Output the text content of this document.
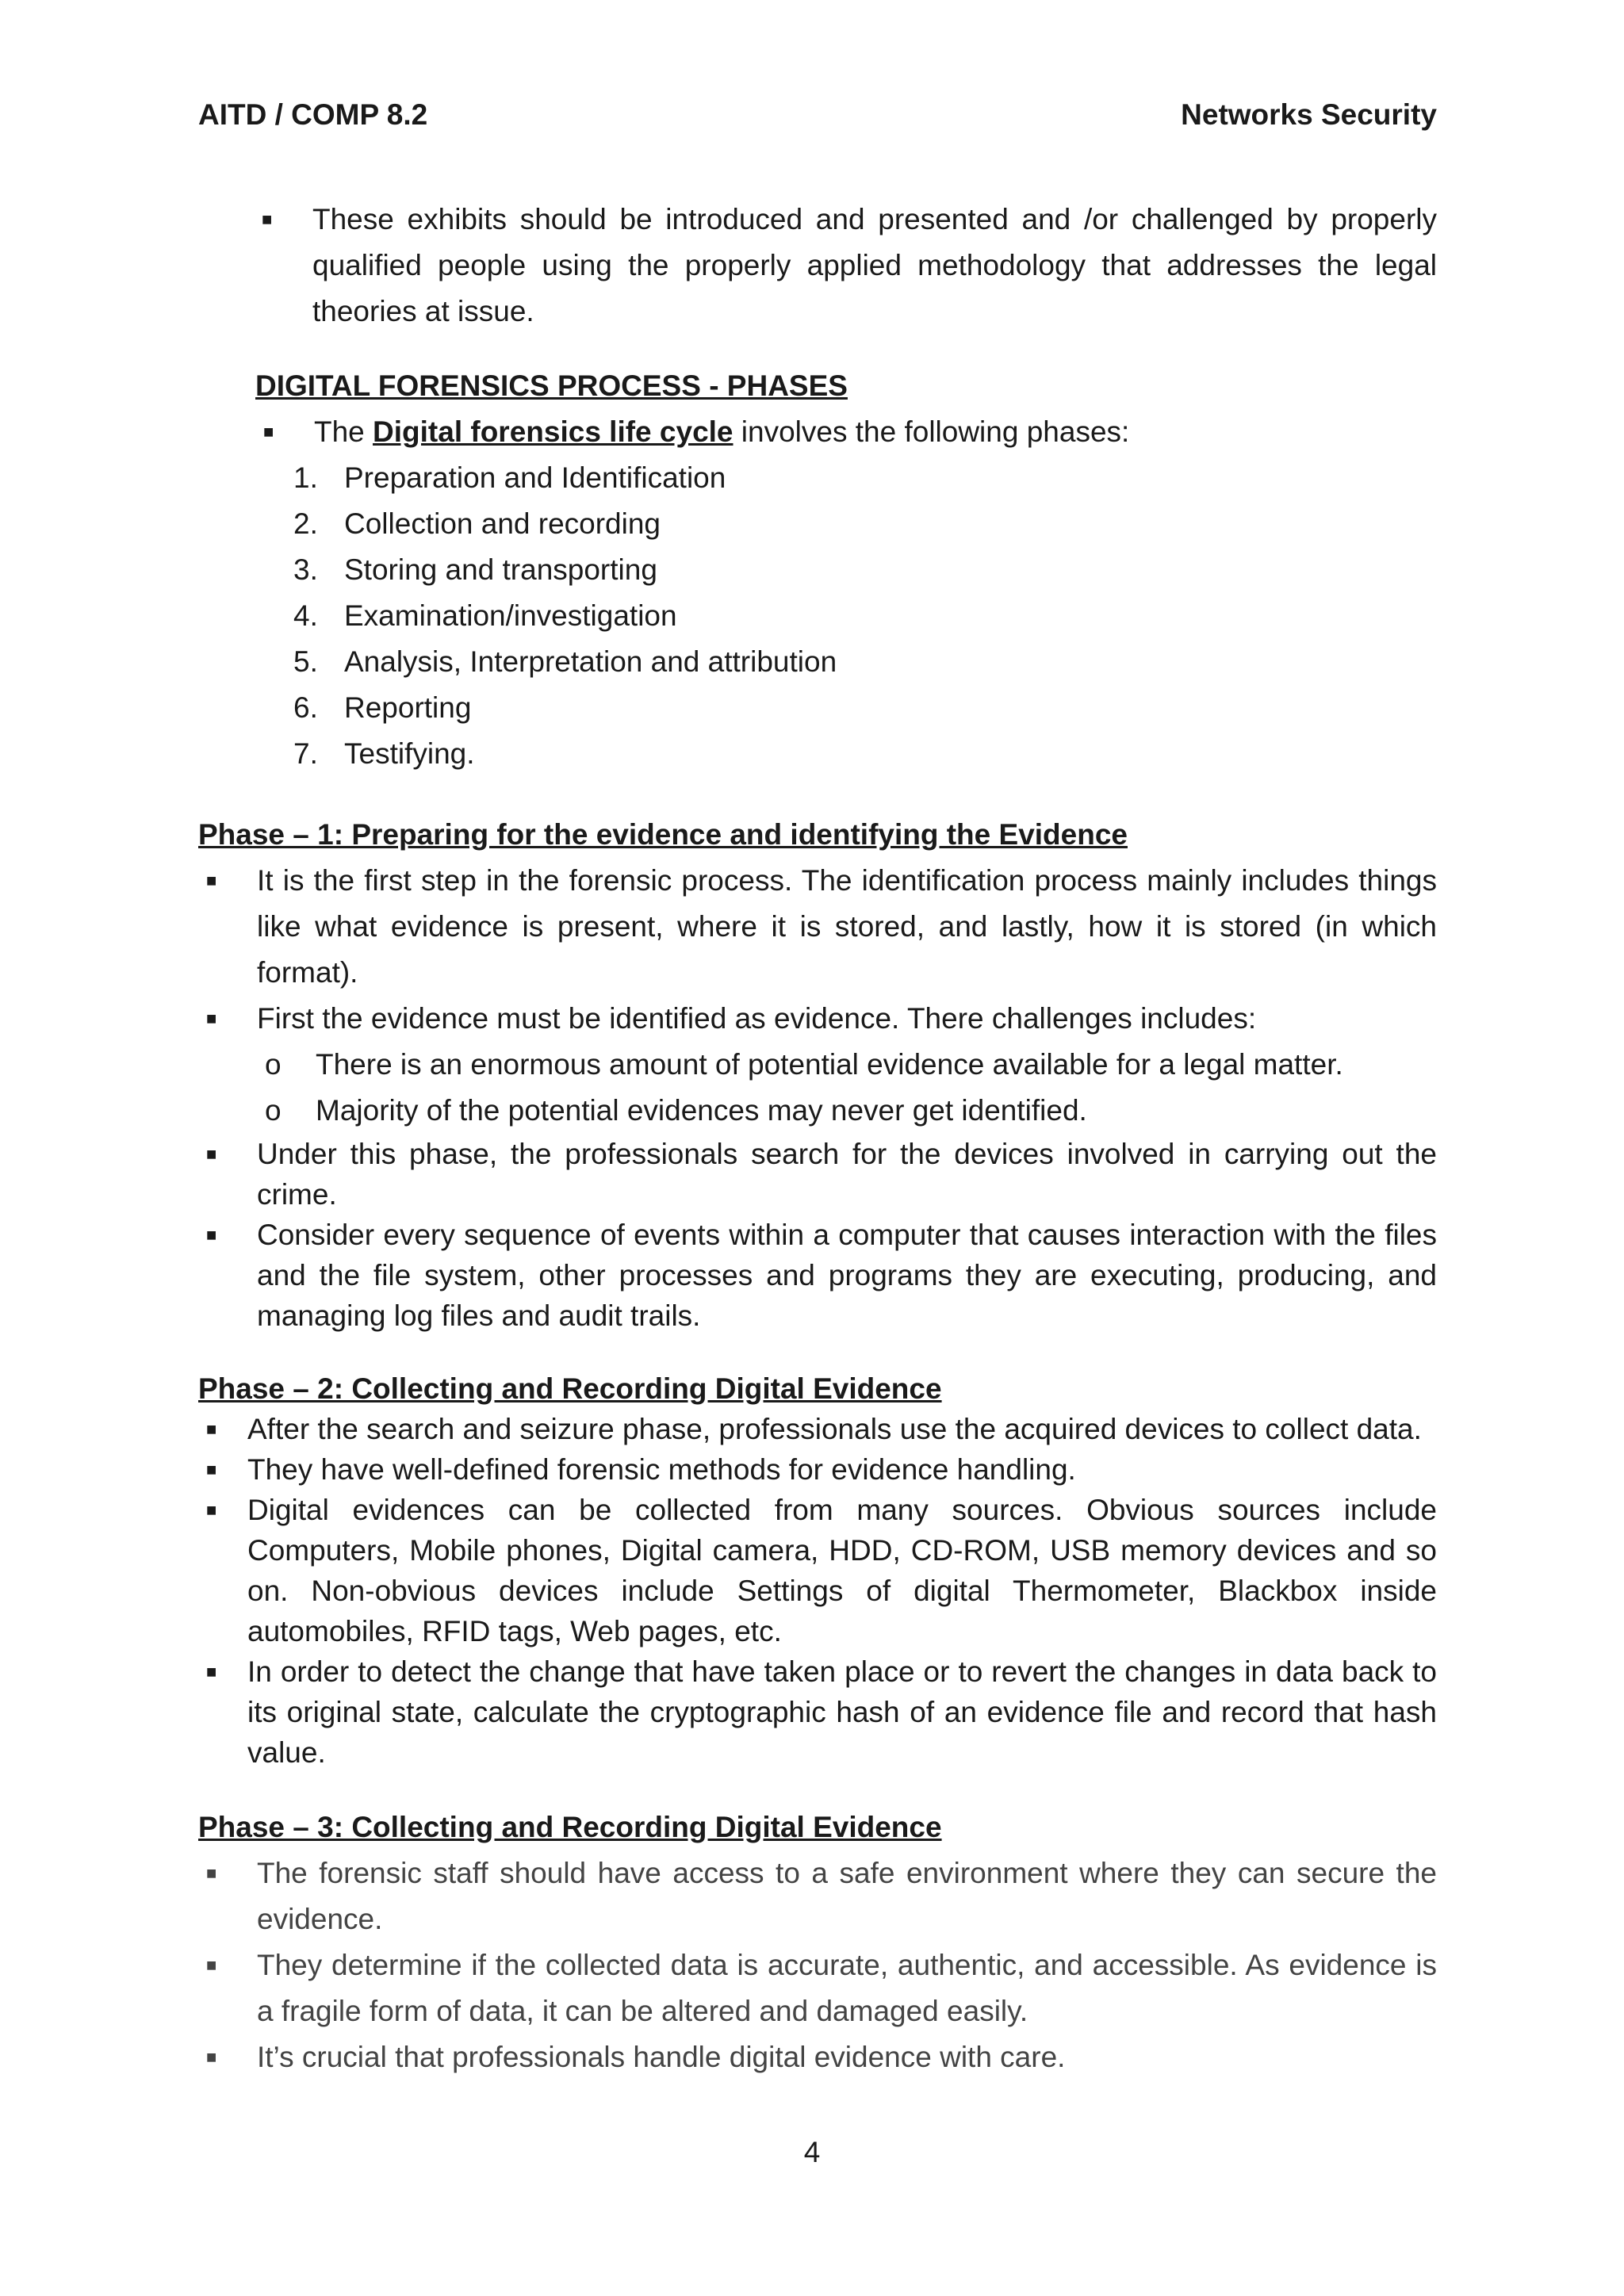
AITD / COMP 8.2	Networks Security
■ These exhibits should be introduced and presented and /or challenged by properly qualified people using the properly applied methodology that addresses the legal theories at issue.
DIGITAL FORENSICS PROCESS - PHASES
■ The Digital forensics life cycle involves the following phases:
1. Preparation and Identification
2. Collection and recording
3. Storing and transporting
4. Examination/investigation
5. Analysis, Interpretation and attribution
6. Reporting
7. Testifying.
Phase – 1: Preparing for the evidence and identifying the Evidence
■ It is the first step in the forensic process. The identification process mainly includes things like what evidence is present, where it is stored, and lastly, how it is stored (in which format).
■ First the evidence must be identified as evidence. There challenges includes:
o There is an enormous amount of potential evidence available for a legal matter.
o Majority of the potential evidences may never get identified.
■ Under this phase, the professionals search for the devices involved in carrying out the crime.
■ Consider every sequence of events within a computer that causes interaction with the files and the file system, other processes and programs they are executing, producing, and managing log files and audit trails.
Phase – 2: Collecting and Recording Digital Evidence
■ After the search and seizure phase, professionals use the acquired devices to collect data.
■ They have well-defined forensic methods for evidence handling.
■ Digital evidences can be collected from many sources. Obvious sources include Computers, Mobile phones, Digital camera, HDD, CD-ROM, USB memory devices and so on. Non-obvious devices include Settings of digital Thermometer, Blackbox inside automobiles, RFID tags, Web pages, etc.
■ In order to detect the change that have taken place or to revert the changes in data back to its original state, calculate the cryptographic hash of an evidence file and record that hash value.
Phase – 3: Collecting and Recording Digital Evidence
■ The forensic staff should have access to a safe environment where they can secure the evidence.
■ They determine if the collected data is accurate, authentic, and accessible. As evidence is a fragile form of data, it can be altered and damaged easily.
■ It’s crucial that professionals handle digital evidence with care.
4
